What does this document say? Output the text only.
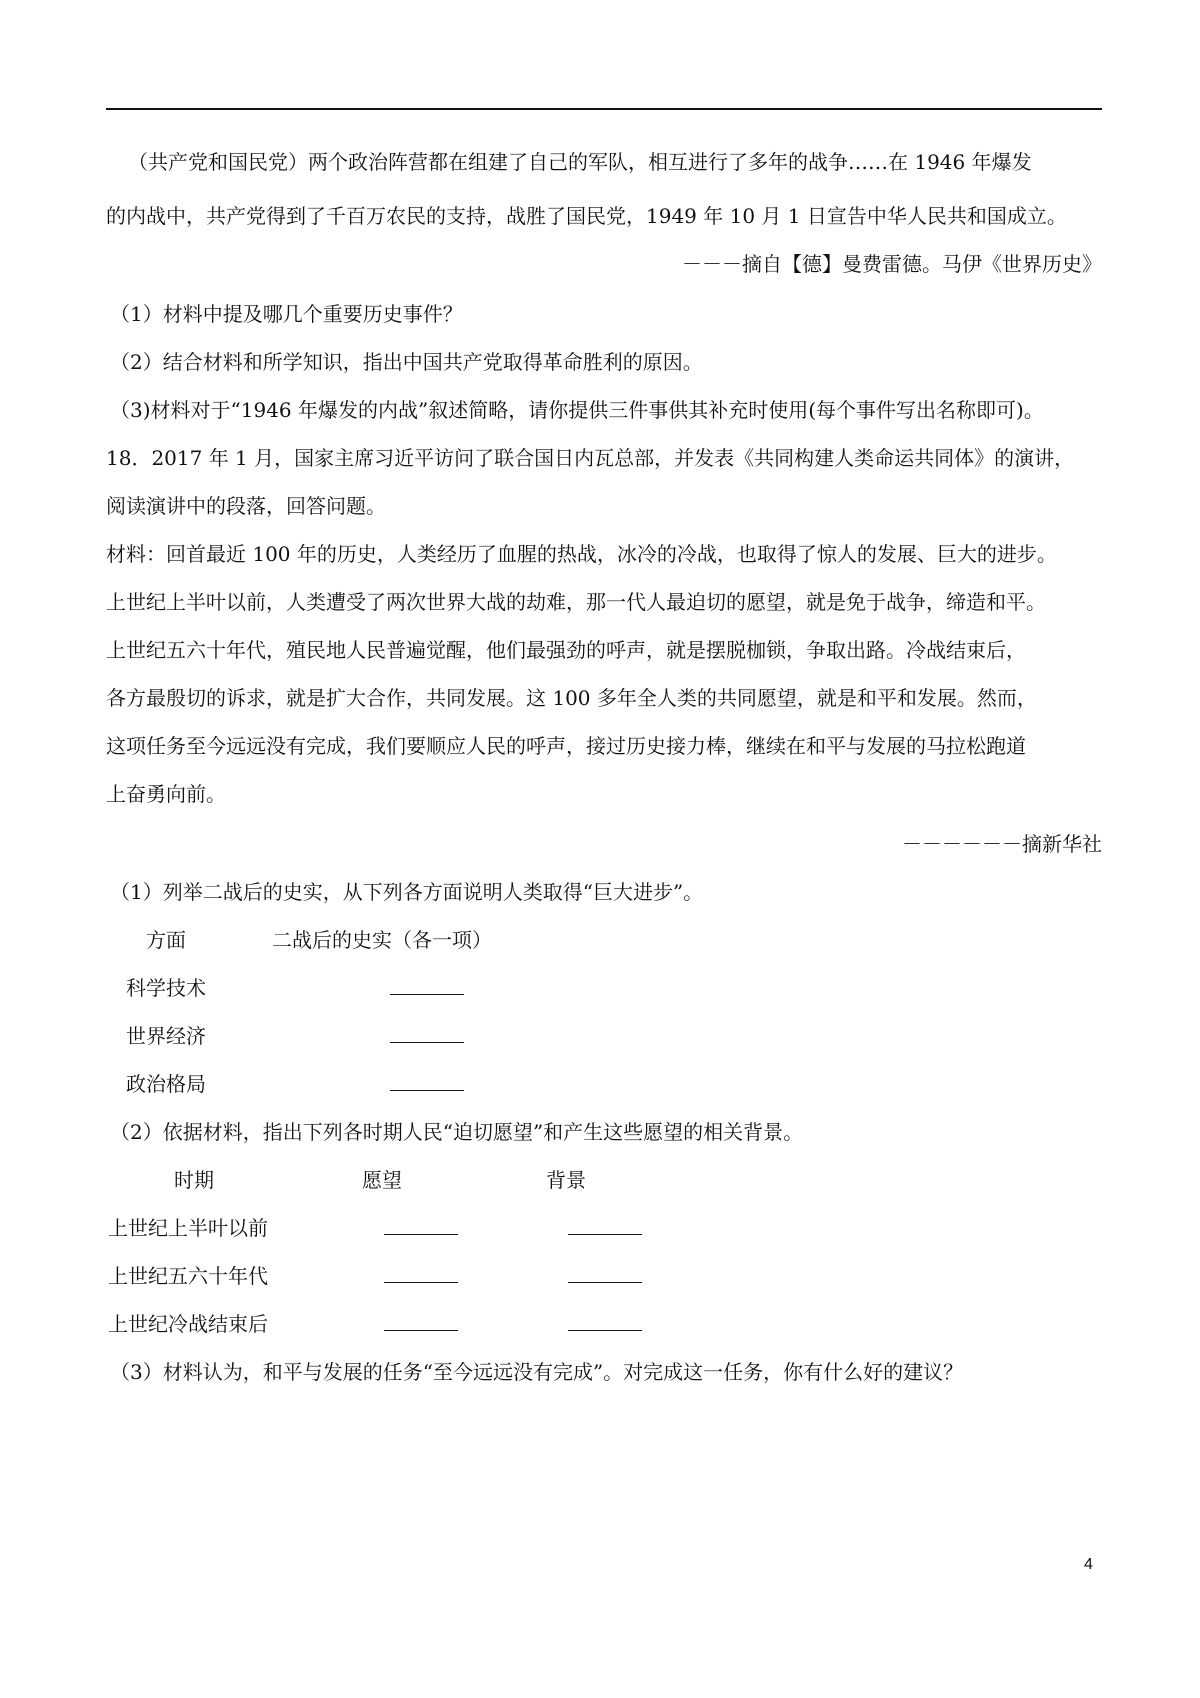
（共产党和国民党）两个政治阵营都在组建了自己的军队，相互进行了多年的战争……在 1946 年爆发
的内战中，共产党得到了千百万农民的支持，战胜了国民党，1949 年 10 月 1 日宣告中华人民共和国成立。
－－－摘自【德】曼费雷德。马伊《世界历史》
（1）材料中提及哪几个重要历史事件？
（2）结合材料和所学知识，指出中国共产党取得革命胜利的原因。
（3)材料对于“1946 年爆发的内战”叙述简略，请你提供三件事供其补充时使用(每个事件写出名称即可)。
18．2017 年 1 月，国家主席习近平访问了联合国日内瓦总部，并发表《共同构建人类命运共同体》的演讲，
阅读演讲中的段落，回答问题。
材料：回首最近 100 年的历史，人类经历了血腥的热战，冰冷的冷战，也取得了惊人的发展、巨大的进步。
上世纪上半叶以前，人类遭受了两次世界大战的劫难，那一代人最迫切的愿望，就是免于战争，缔造和平。
上世纪五六十年代，殖民地人民普遍觉醒，他们最强劲的呼声，就是摆脱枷锁，争取出路。冷战结束后，
各方最殷切的诉求，就是扩大合作，共同发展。这 100 多年全人类的共同愿望，就是和平和发展。然而，
这项任务至今远远没有完成，我们要顺应人民的呼声，接过历史接力棒，继续在和平与发展的马拉松跑道
上奋勇向前。
－－－－－－摘新华社
（1）列举二战后的史实，从下列各方面说明人类取得“巨大进步”。
方面	二战后的史实（各一项）
科学技术
世界经济
政治格局
（2）依据材料，指出下列各时期人民“迫切愿望”和产生这些愿望的相关背景。
时期	愿望	背景
上世纪上半叶以前
上世纪五六十年代
上世纪冷战结束后
（3）材料认为，和平与发展的任务“至今远远没有完成”。对完成这一任务，你有什么好的建议？
4
